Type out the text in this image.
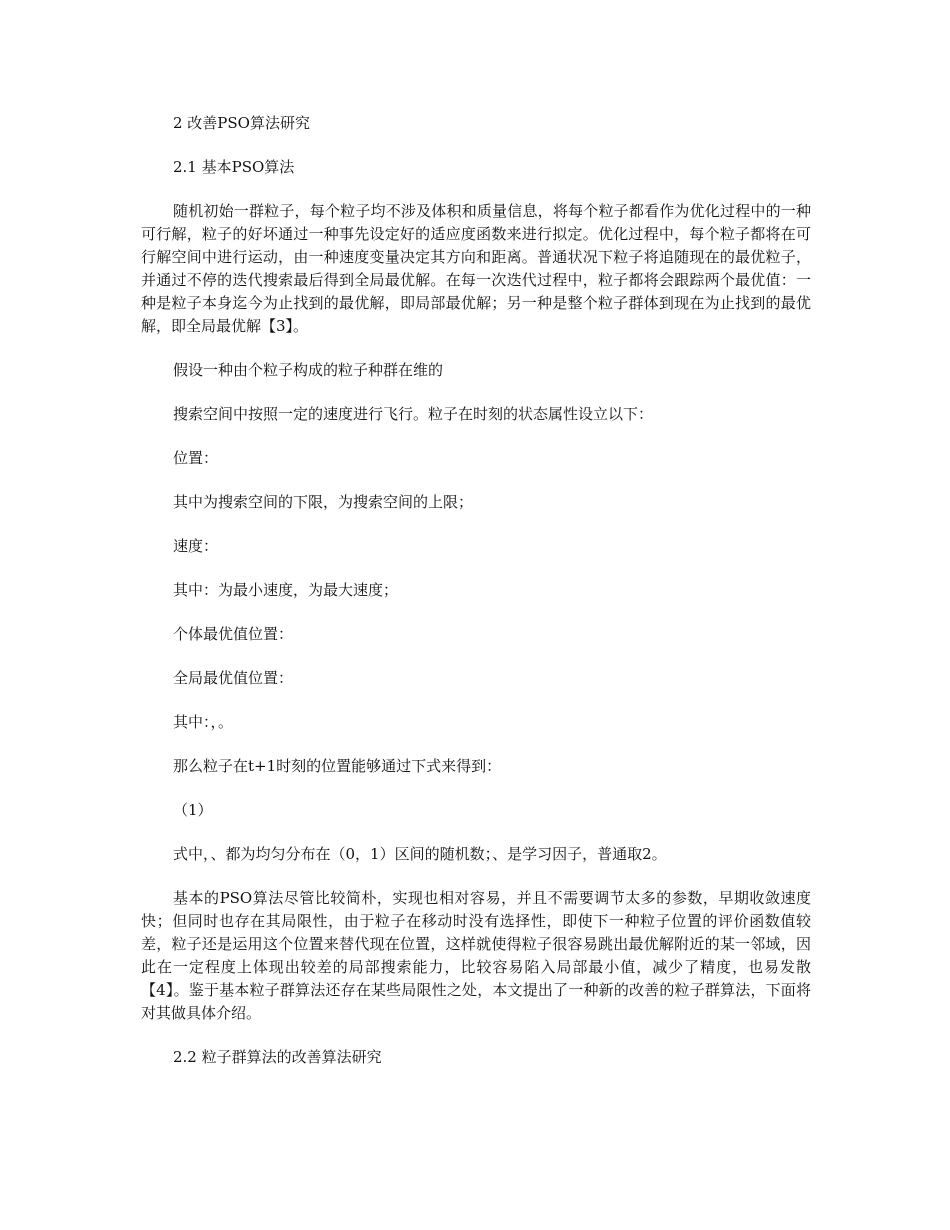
2 改善PSO算法研究

2.1 基本PSO算法

随机初始一群粒子，每个粒子均不涉及体积和质量信息，将每个粒子都看作为优化过程中的一种可行解，粒子的好坏通过一种事先设定好的适应度函数来进行拟定。优化过程中，每个粒子都将在可行解空间中进行运动，由一种速度变量决定其方向和距离。普通状况下粒子将追随现在的最优粒子，并通过不停的迭代搜索最后得到全局最优解。在每一次迭代过程中，粒子都将会跟踪两个最优值：一种是粒子本身迄今为止找到的最优解，即局部最优解；另一种是整个粒子群体到现在为止找到的最优解，即全局最优解【3】。

假设一种由个粒子构成的粒子种群在维的

搜索空间中按照一定的速度进行飞行。粒子在时刻的状态属性设立以下：

位置：

其中为搜索空间的下限，为搜索空间的上限；

速度：

其中：为最小速度，为最大速度；

个体最优值位置：

全局最优值位置：

其中：，。

那么粒子在t+1时刻的位置能够通过下式来得到：

（1）

式中，、都为均匀分布在（0，1）区间的随机数；、是学习因子，普通取2。

基本的PSO算法尽管比较简朴，实现也相对容易，并且不需要调节太多的参数，早期收敛速度快；但同时也存在其局限性，由于粒子在移动时没有选择性，即使下一种粒子位置的评价函数值较差，粒子还是运用这个位置来替代现在位置，这样就使得粒子很容易跳出最优解附近的某一邻域，因此在一定程度上体现出较差的局部搜索能力，比较容易陷入局部最小值，减少了精度，也易发散【4】。鉴于基本粒子群算法还存在某些局限性之处，本文提出了一种新的改善的粒子群算法，下面将对其做具体介绍。

2.2 粒子群算法的改善算法研究
